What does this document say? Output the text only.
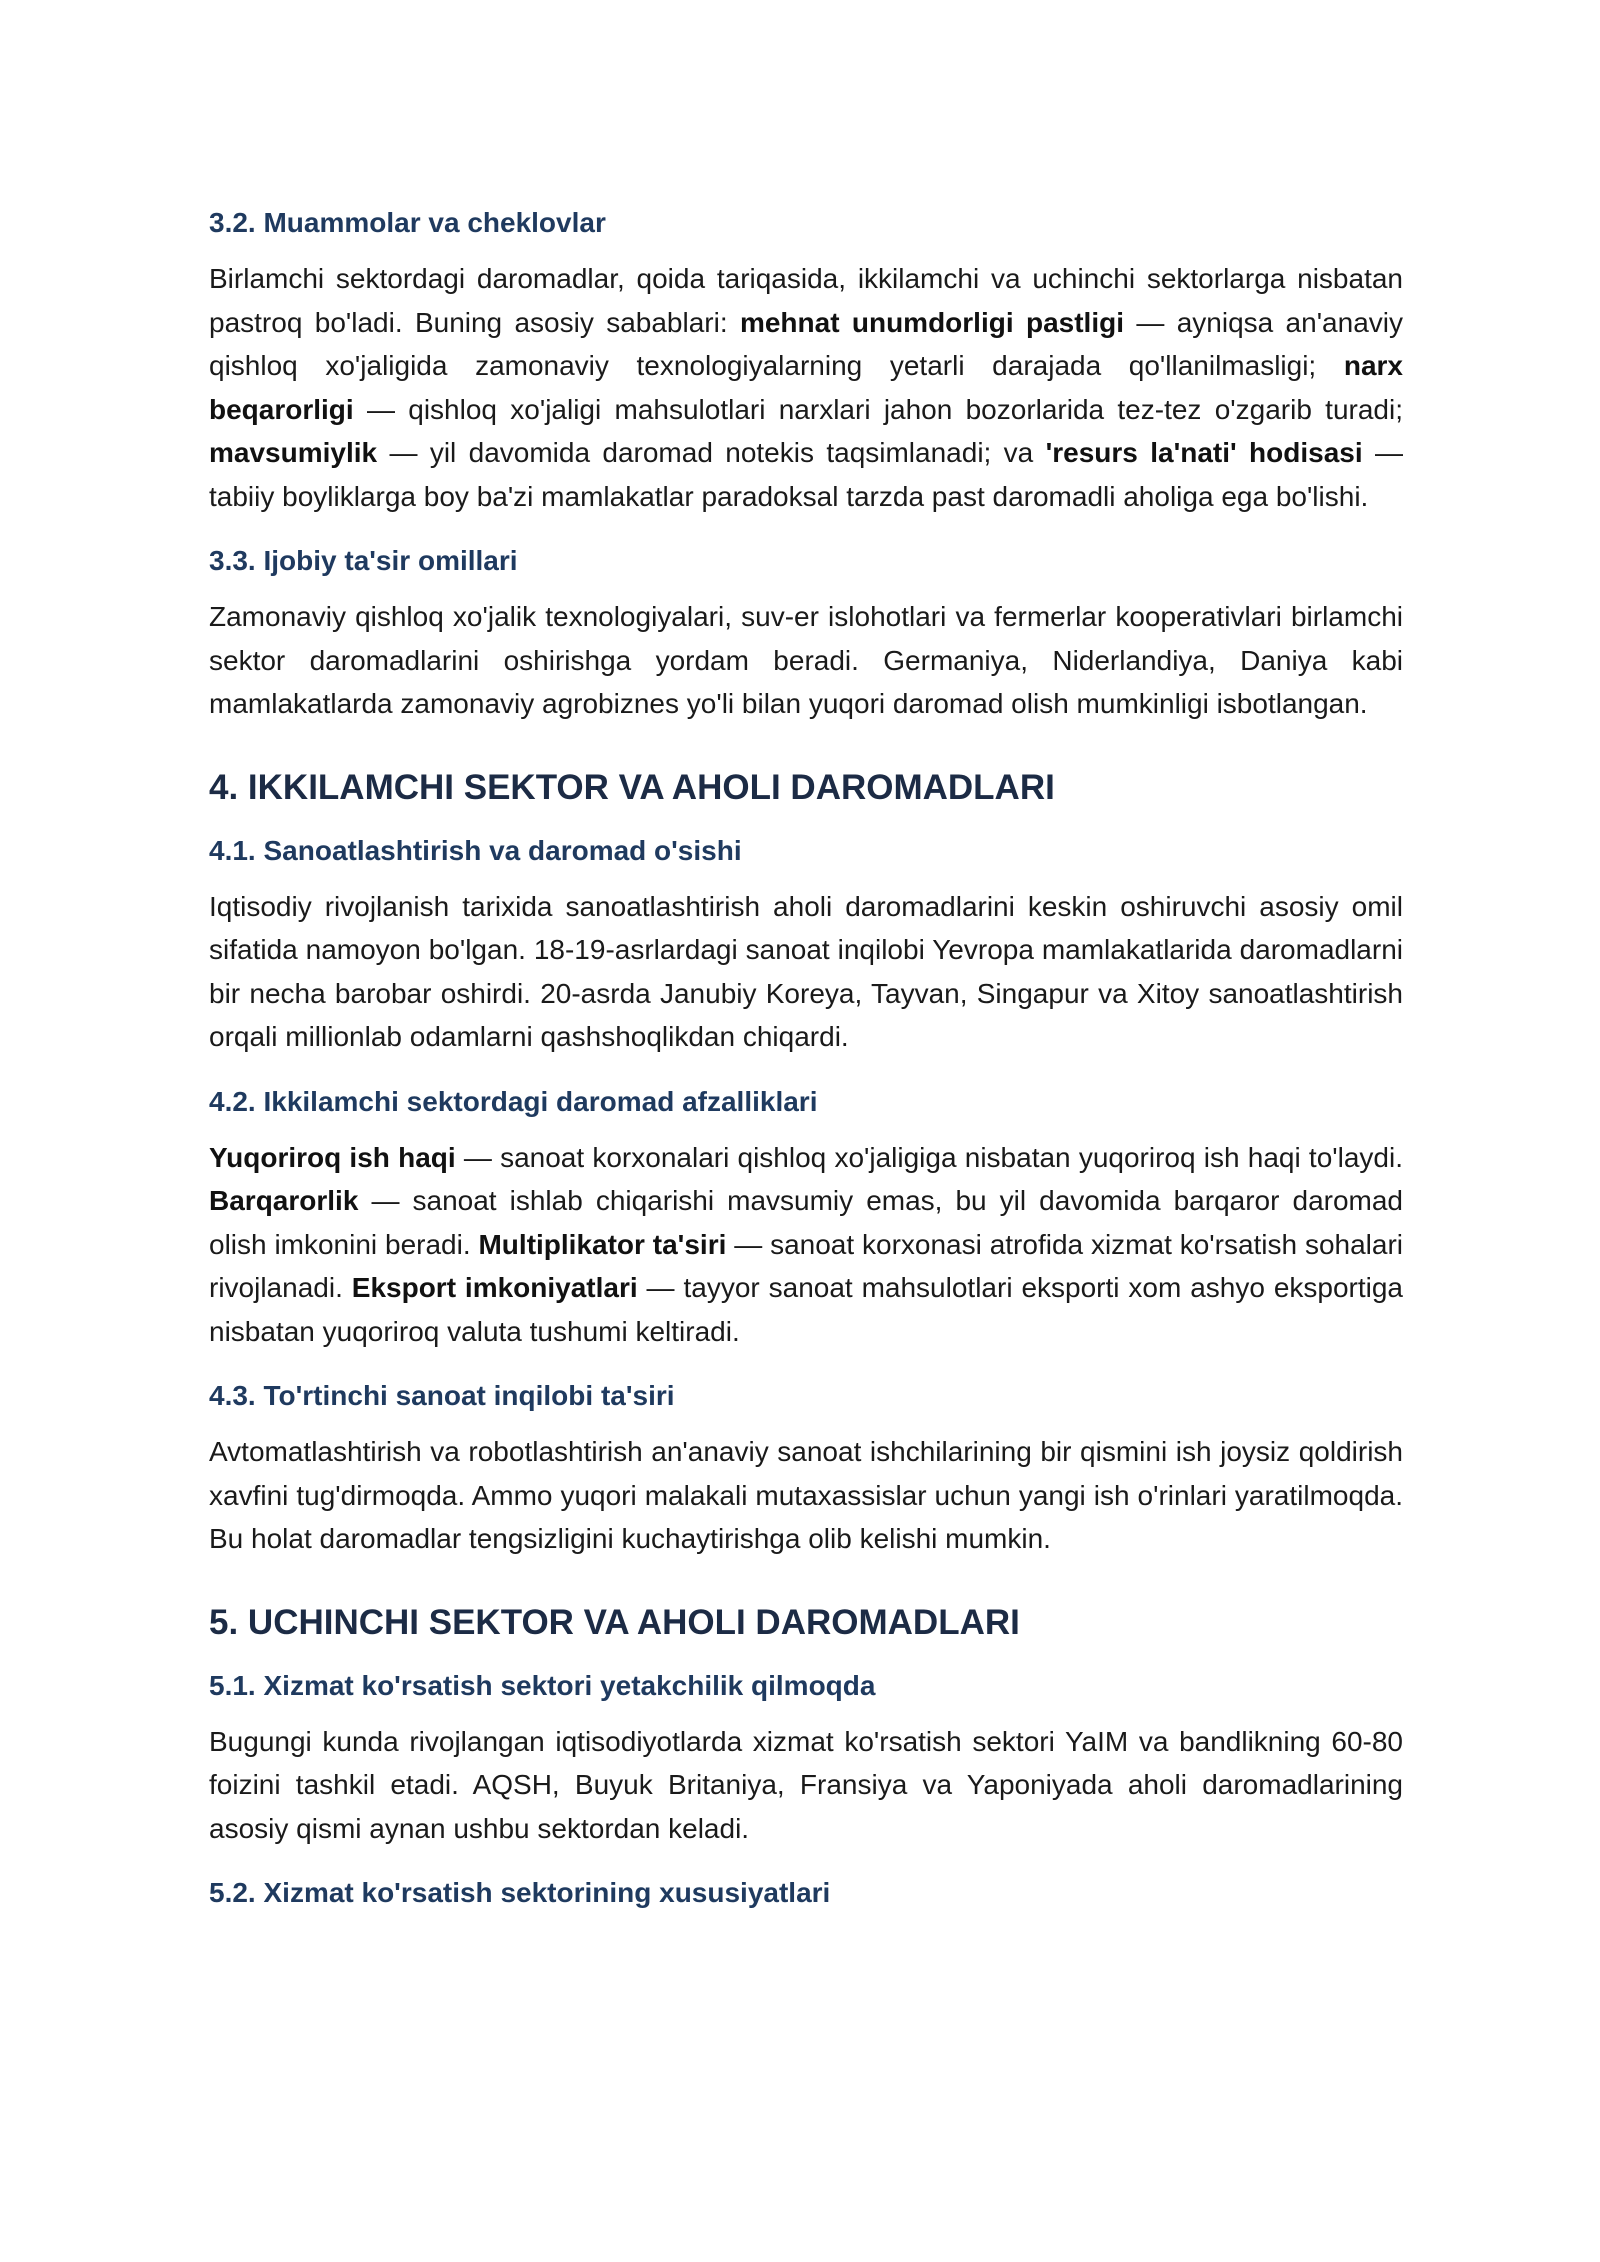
3.2. Muammolar va cheklovlar

Birlamchi sektordagi daromadlar, qoida tariqasida, ikkilamchi va uchinchi sektorlarga nisbatan pastroq bo'ladi. Buning asosiy sabablari: mehnat unumdorligi pastligi — ayniqsa an'anaviy qishloq xo'jaligida zamonaviy texnologiyalarning yetarli darajada qo'llanilmasligi; narx beqarorligi — qishloq xo'jaligi mahsulotlari narxlari jahon bozorlarida tez-tez o'zgarib turadi; mavsumiylik — yil davomida daromad notekis taqsimlanadi; va 'resurs la'nati' hodisasi — tabiiy boyliklarga boy ba'zi mamlakatlar paradoksal tarzda past daromadli aholiga ega bo'lishi.

3.3. Ijobiy ta'sir omillari

Zamonaviy qishloq xo'jalik texnologiyalari, suv-er islohotlari va fermerlar kooperativlari birlamchi sektor daromadlarini oshirishga yordam beradi. Germaniya, Niderlandiya, Daniya kabi mamlakatlarda zamonaviy agrobiznes yo'li bilan yuqori daromad olish mumkinligi isbotlangan.

4. IKKILAMCHI SEKTOR VA AHOLI DAROMADLARI
4.1. Sanoatlashtirish va daromad o'sishi

Iqtisodiy rivojlanish tarixida sanoatlashtirish aholi daromadlarini keskin oshiruvchi asosiy omil sifatida namoyon bo'lgan. 18-19-asrlardagi sanoat inqilobi Yevropa mamlakatlarida daromadlarni bir necha barobar oshirdi. 20-asrda Janubiy Koreya, Tayvan, Singapur va Xitoy sanoatlashtirish orqali millionlab odamlarni qashshoqlikdan chiqardi.

4.2. Ikkilamchi sektordagi daromad afzalliklari

Yuqoriroq ish haqi — sanoat korxonalari qishloq xo'jaligiga nisbatan yuqoriroq ish haqi to'laydi. Barqarorlik — sanoat ishlab chiqarishi mavsumiy emas, bu yil davomida barqaror daromad olish imkonini beradi. Multiplikator ta'siri — sanoat korxonasi atrofida xizmat ko'rsatish sohalari rivojlanadi. Eksport imkoniyatlari — tayyor sanoat mahsulotlari eksporti xom ashyo eksportiga nisbatan yuqoriroq valuta tushumi keltiradi.

4.3. To'rtinchi sanoat inqilobi ta'siri

Avtomatlashtirish va robotlashtirish an'anaviy sanoat ishchilarining bir qismini ish joysiz qoldirish xavfini tug'dirmoqda. Ammo yuqori malakali mutaxassislar uchun yangi ish o'rinlari yaratilmoqda. Bu holat daromadlar tengsizligini kuchaytirishga olib kelishi mumkin.

5. UCHINCHI SEKTOR VA AHOLI DAROMADLARI
5.1. Xizmat ko'rsatish sektori yetakchilik qilmoqda

Bugungi kunda rivojlangan iqtisodiyotlarda xizmat ko'rsatish sektori YaIM va bandlikning 60-80 foizini tashkil etadi. AQSH, Buyuk Britaniya, Fransiya va Yaponiyada aholi daromadlarining asosiy qismi aynan ushbu sektordan keladi.

5.2. Xizmat ko'rsatish sektorining xususiyatlari
